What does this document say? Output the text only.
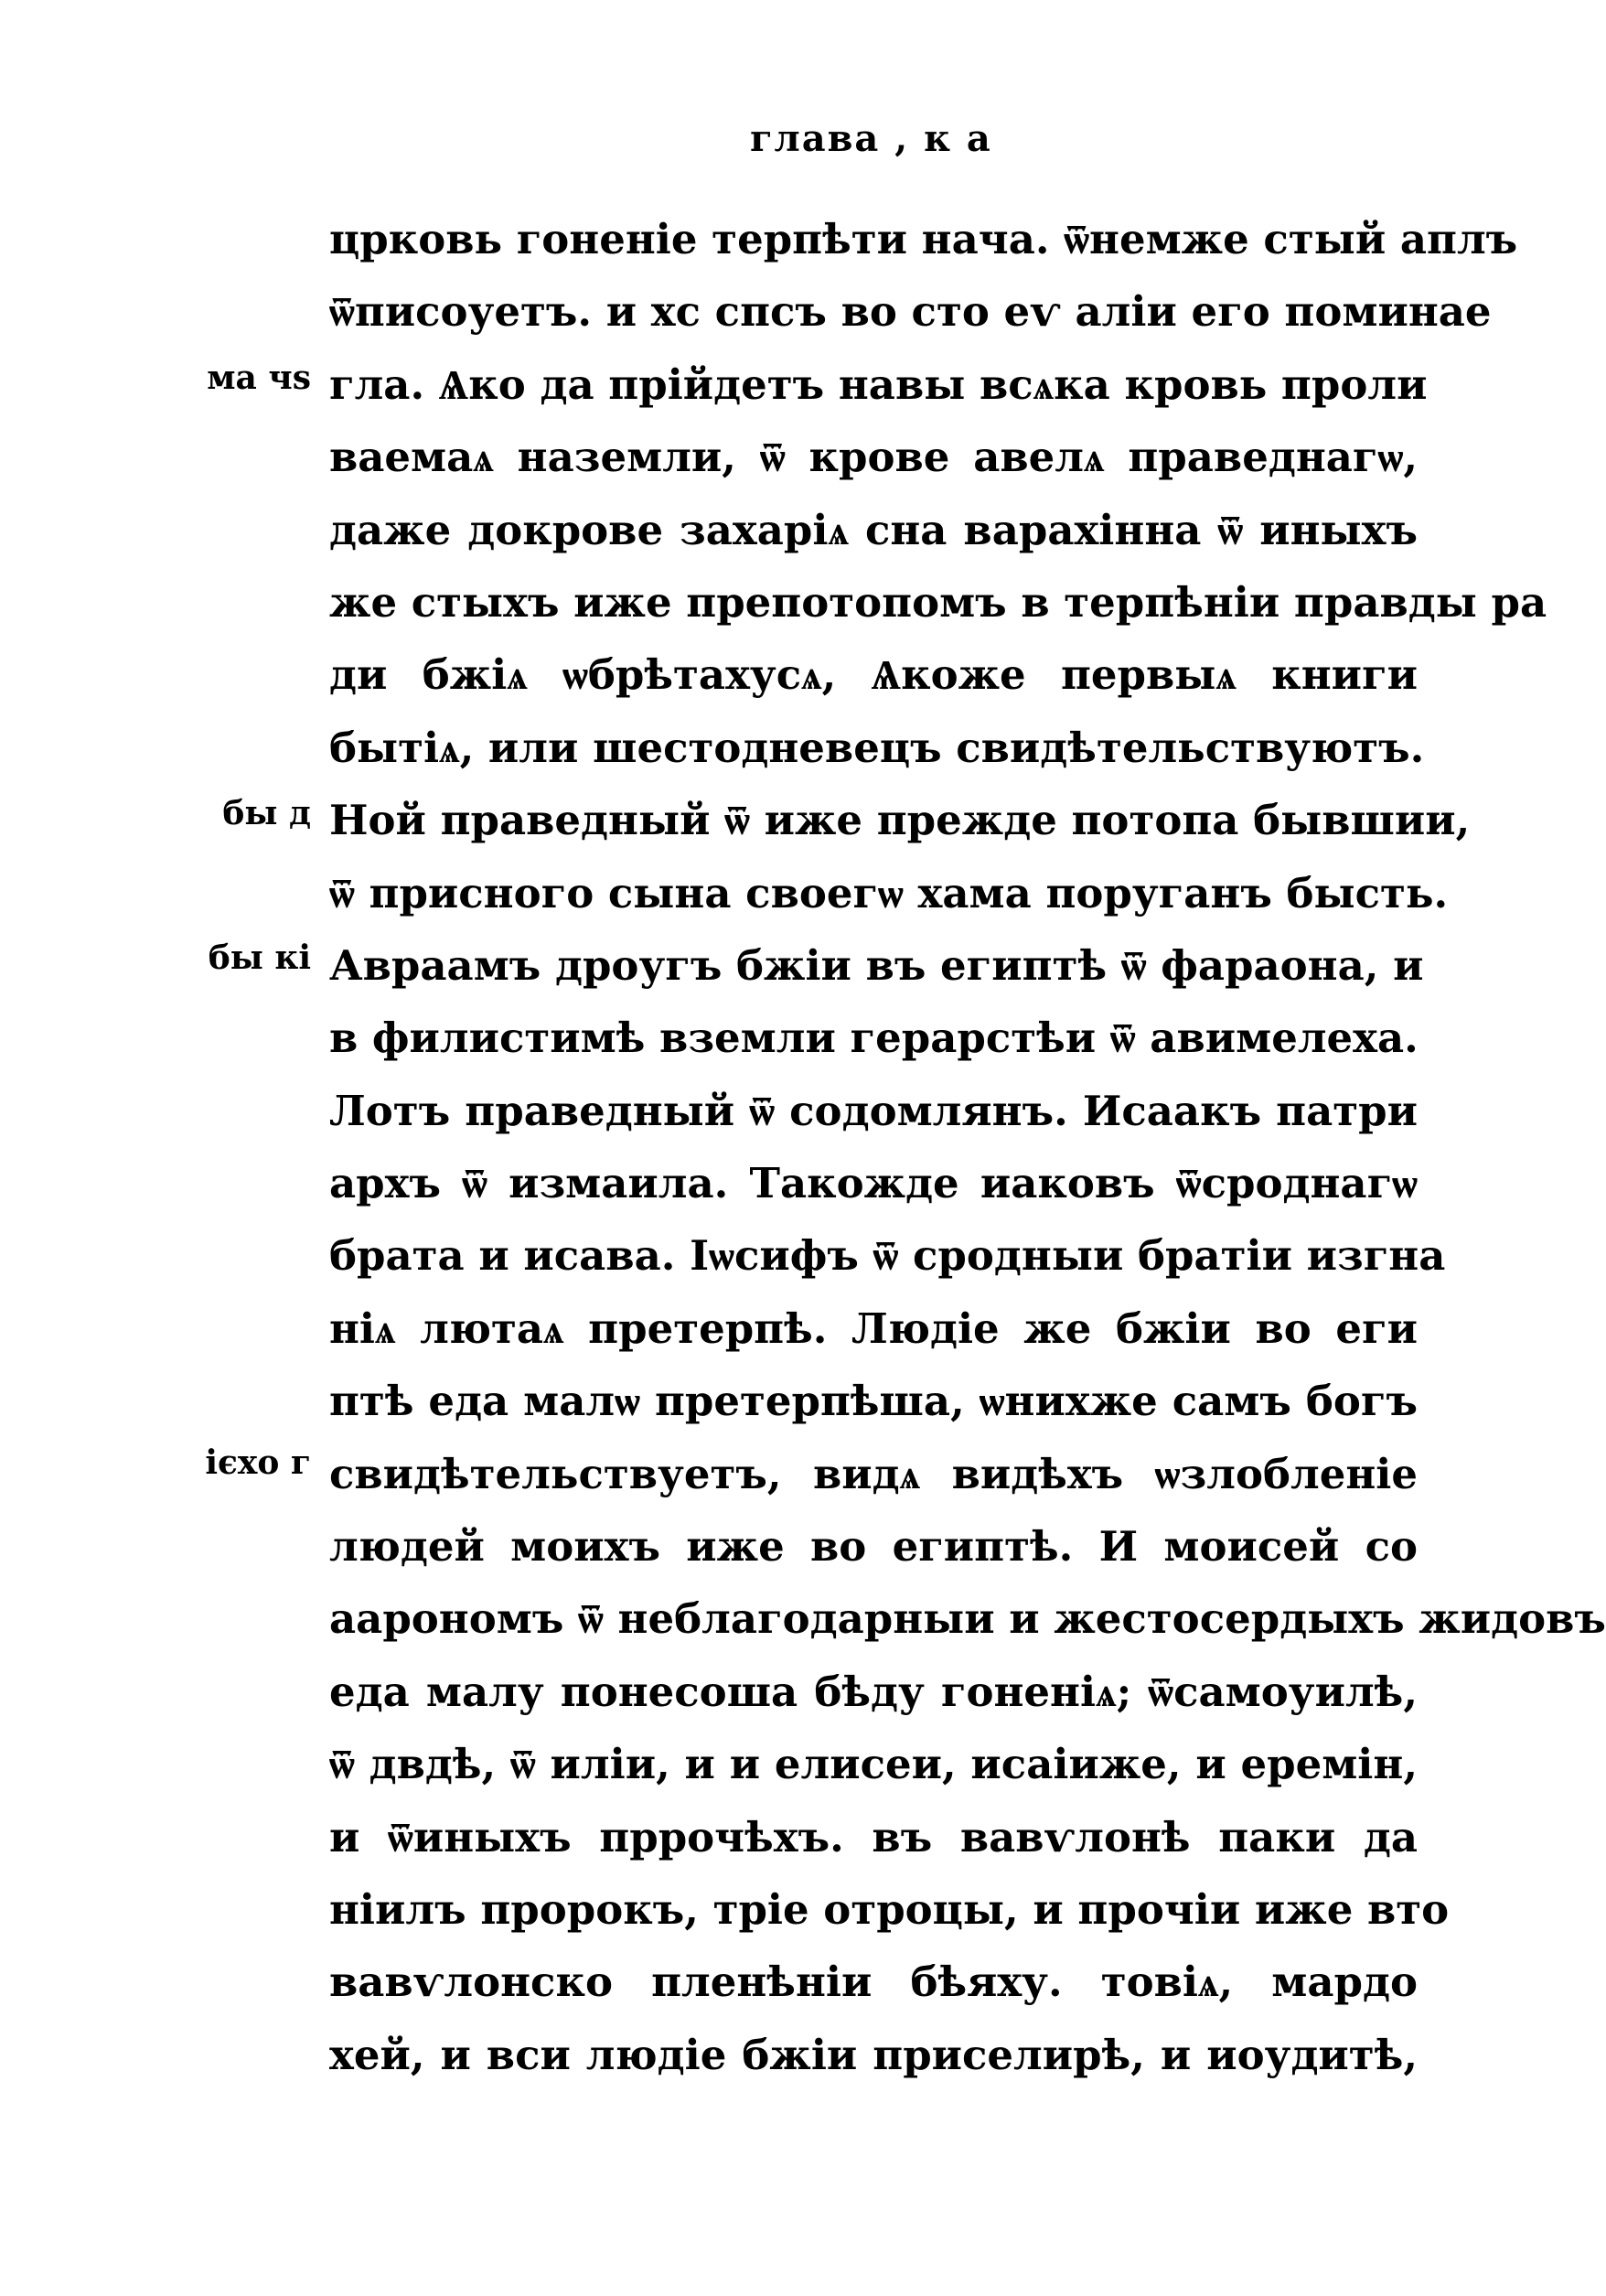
глава , к а
ма чѕ
бы д
бы кі
ієхо г
црковь гоненіе терпѣти нача. ѿнемже стый аплъ
ѿписоуетъ. и хс спсъ во сто еѵ аліи его поминае
гла. Ѧко да прійдетъ навы всѧка кровь проли
ваемаѧ наземли, ѿ крове авелѧ праведнагѡ,
даже докрове захаріѧ сна варахінна ѿ иныхъ
же стыхъ иже препотопомъ в терпѣніи правды ра
ди бжіѧ ѡбрѣтахусѧ, Ѧкоже первыѧ книги
бытіѧ, или шестодневецъ свидѣтельствуютъ.
Ной праведный ѿ иже прежде потопа бывшии,
ѿ присного сына своегѡ хама поруганъ бысть.
Авраамъ дроугъ бжіи въ египтѣ ѿ фараона, и
в филистимѣ вземли герарстѣи ѿ авимелеха.
Лотъ праведный ѿ содомлянъ. Исаакъ патри
архъ ѿ измаила. Такожде иаковъ ѿсроднагѡ
брата и исава. Іѡсифъ ѿ сродныи братіи изгна
ніѧ лютаѧ претерпѣ. Людіе же бжіи во еги
птѣ еда малѡ претерпѣша, ѡнихже самъ богъ
свидѣтельствуетъ, видѧ видѣхъ ѡзлобленіе
людей моихъ иже во египтѣ. И моисей со
аарономъ ѿ неблагодарныи и жестосердыхъ жидовъ
еда малу понесоша бѣду гоненіѧ; ѿсамоуилѣ,
ѿ двдѣ, ѿ иліи, и и елисеи, исаіиже, и еремін,
и ѿиныхъ пррочѣхъ. въ вавѵлонѣ паки да
ніилъ пророкъ, тріе отроцы, и прочіи иже вто
вавѵлонско пленѣніи бѣяху. товіѧ, мардо
хей, и вси людіе бжіи приселирѣ, и иоудитѣ,
